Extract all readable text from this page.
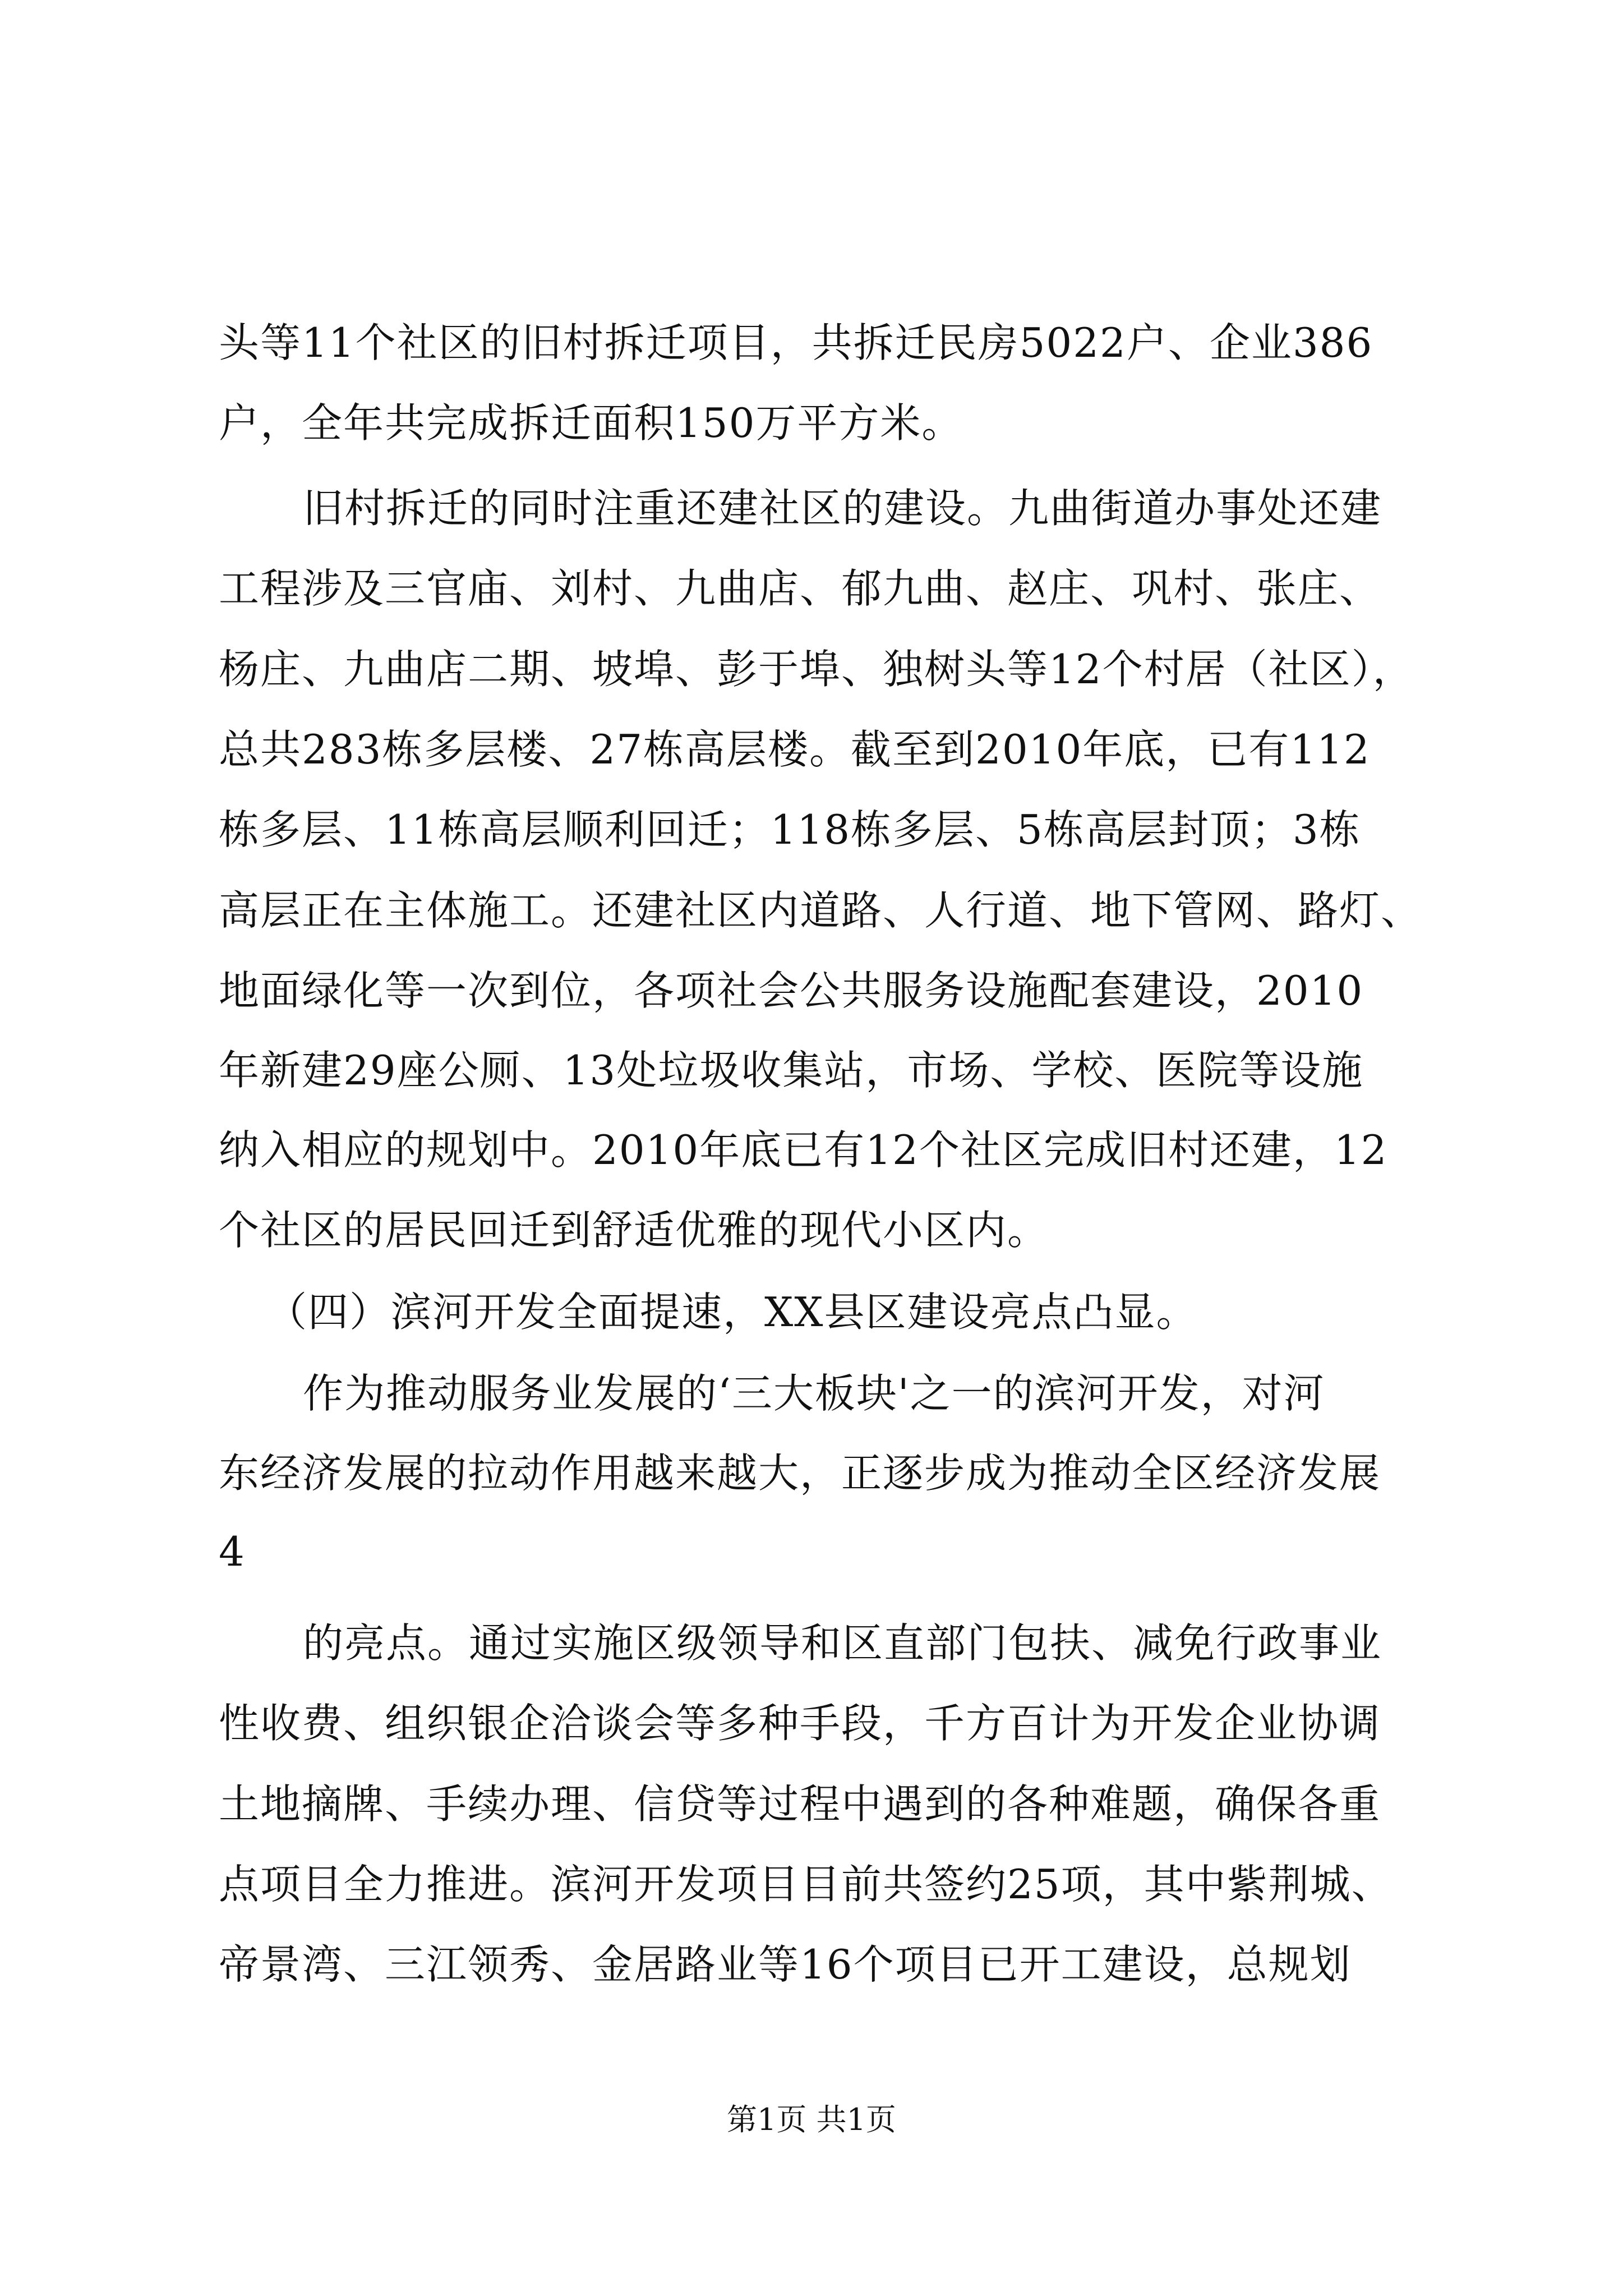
头等11个社区的旧村拆迁项目，共拆迁民房5022户、企业386
户，全年共完成拆迁面积150万平方米。
旧村拆迁的同时注重还建社区的建设。九曲街道办事处还建
工程涉及三官庙、刘村、九曲店、郁九曲、赵庄、巩村、张庄、
杨庄、九曲店二期、坡埠、彭于埠、独树头等12个村居（社区），
总共283栋多层楼、27栋高层楼。截至到2010年底，已有112
栋多层、11栋高层顺利回迁；118栋多层、5栋高层封顶；3栋
高层正在主体施工。还建社区内道路、人行道、地下管网、路灯、
地面绿化等一次到位，各项社会公共服务设施配套建设，2010
年新建29座公厕、13处垃圾收集站，市场、学校、医院等设施
纳入相应的规划中。2010年底已有12个社区完成旧村还建，12
个社区的居民回迁到舒适优雅的现代小区内。
（四）滨河开发全面提速，XX县区建设亮点凸显。
作为推动服务业发展的‘三大板块'之一的滨河开发，对河
东经济发展的拉动作用越来越大，正逐步成为推动全区经济发展
4
的亮点。通过实施区级领导和区直部门包扶、减免行政事业
性收费、组织银企洽谈会等多种手段，千方百计为开发企业协调
土地摘牌、手续办理、信贷等过程中遇到的各种难题，确保各重
点项目全力推进。滨河开发项目目前共签约25项，其中紫荆城、
帝景湾、三江领秀、金居路业等16个项目已开工建设，总规划
第1页 共1页
